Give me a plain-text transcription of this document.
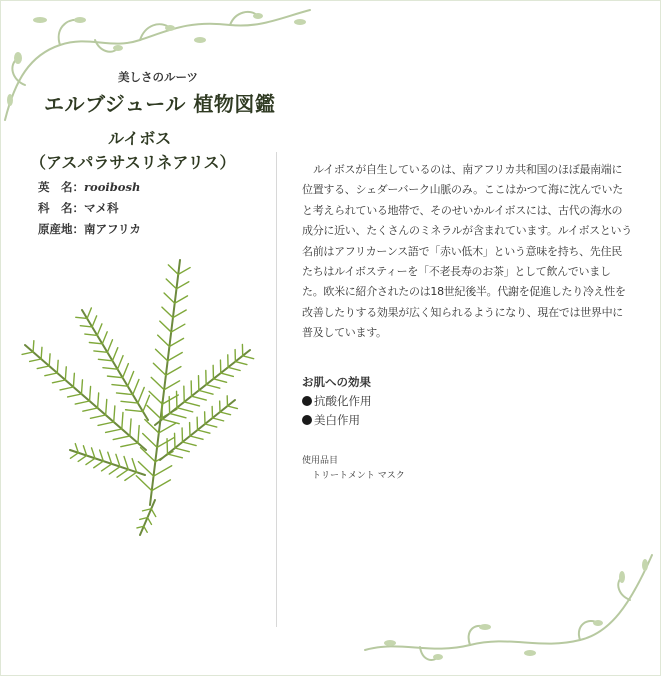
美しさのルーツ
エルブジュール 植物図鑑
ルイボス
（アスパラサスリネアリス）
英　名：rooibosh
科　名：マメ科
原産地：南アフリカ
ルイボスが自生しているのは、南アフリカ共和国のほぼ最南端に位置する、シェダーバーク山脈のみ。ここはかつて海に沈んでいたと考えられている地帯で、そのせいかルイボスには、古代の海水の成分に近い、たくさんのミネラルが含まれています。ルイボスという名前はアフリカーンス語で「赤い低木」という意味を持ち、先住民たちはルイボスティーを「不老長寿のお茶」として飲んでいました。欧米に紹介されたのは18世紀後半。代謝を促進したり冷え性を改善したりする効果が広く知られるようになり、現在では世界中に普及しています。
お肌への効果
抗酸化作用
美白作用
使用品目
トリートメント マスク
